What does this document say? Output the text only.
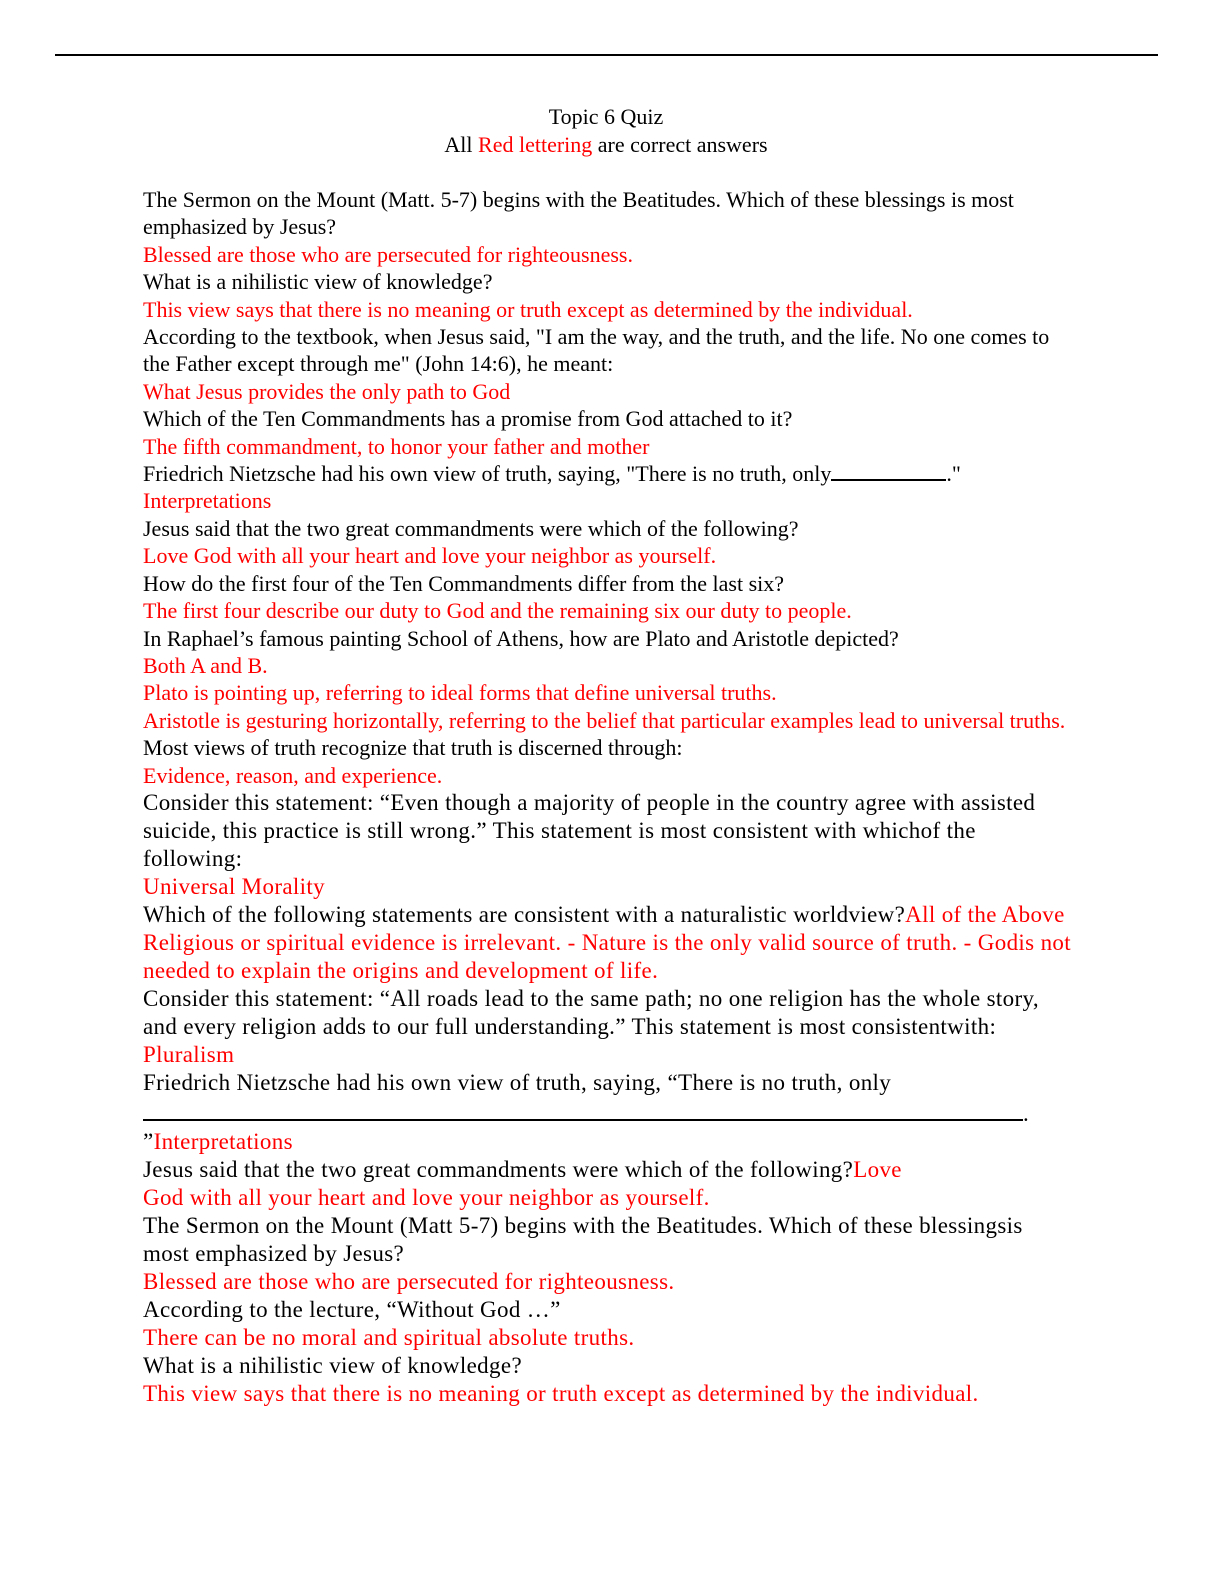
Topic 6 Quiz
All Red lettering are correct answers

The Sermon on the Mount (Matt. 5-7) begins with the Beatitudes. Which of these blessings is most emphasized by Jesus?

Blessed are those who are persecuted for righteousness.

What is a nihilistic view of knowledge?

This view says that there is no meaning or truth except as determined by the individual.

According to the textbook, when Jesus said, "I am the way, and the truth, and the life. No one comes to the Father except through me" (John 14:6), he meant:

What Jesus provides the only path to God

Which of the Ten Commandments has a promise from God attached to it?

The fifth commandment, to honor your father and mother

Friedrich Nietzsche had his own view of truth, saying, "There is no truth, only	."

Interpretations

Jesus said that the two great commandments were which of the following?

Love God with all your heart and love your neighbor as yourself.

How do the first four of the Ten Commandments differ from the last six?

The first four describe our duty to God and the remaining six our duty to people.

In Raphael’s famous painting School of Athens, how are Plato and Aristotle depicted?

Both A and B.

Plato is pointing up, referring to ideal forms that define universal truths.

Aristotle is gesturing horizontally, referring to the belief that particular examples lead to universal truths.

Most views of truth recognize that truth is discerned through:

Evidence, reason, and experience.

Consider this statement: “Even though a majority of people in the country agree with assisted suicide, this practice is still wrong.” This statement is most consistent with whichof the following:

Universal Morality

Which of the following statements are consistent with a naturalistic worldview?All of the Above

Religious or spiritual evidence is irrelevant. - Nature is the only valid source of truth. - Godis not needed to explain the origins and development of life.

Consider this statement: “All roads lead to the same path; no one religion has the whole story, and every religion adds to our full understanding.” This statement is most consistentwith:

Pluralism

Friedrich Nietzsche had his own view of truth, saying, “There is no truth, only
.

”Interpretations

Jesus said that the two great commandments were which of the following?Love God with all your heart and love your neighbor as yourself.

The Sermon on the Mount (Matt 5-7) begins with the Beatitudes. Which of these blessingsis most emphasized by Jesus?

Blessed are those who are persecuted for righteousness.

According to the lecture, “Without God …”

There can be no moral and spiritual absolute truths.

What is a nihilistic view of knowledge?

This view says that there is no meaning or truth except as determined by the individual.
